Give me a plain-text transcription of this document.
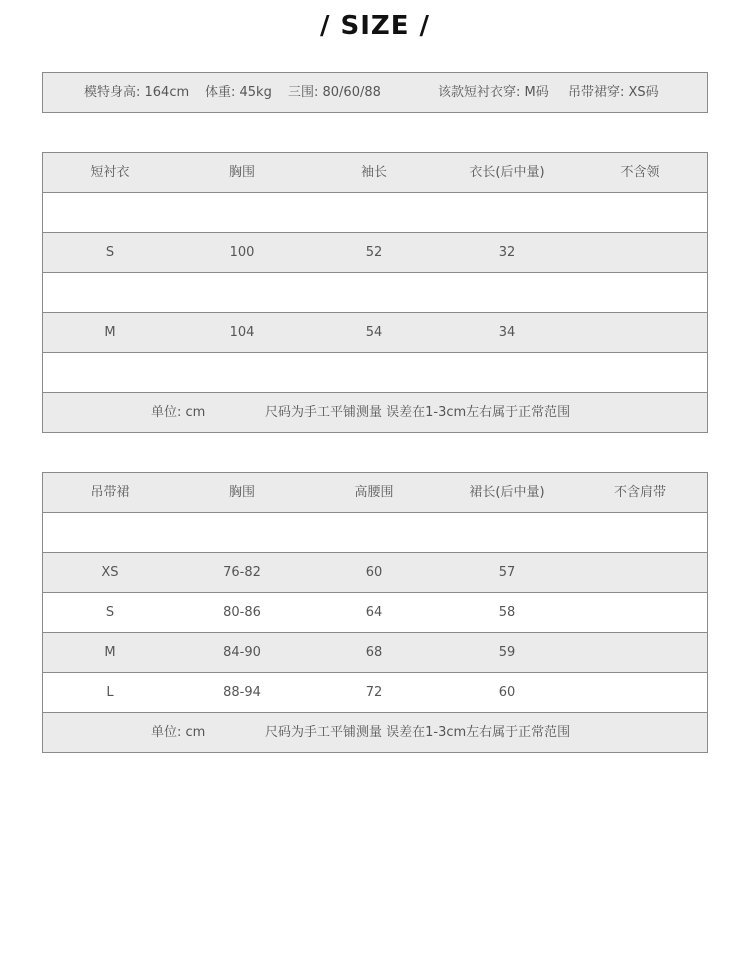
/ SIZE /
模特身高: 164cm 体重: 45kg 三围: 80/60/88	该款短衬衣穿: M码 吊带裙穿: XS码
短衬衣	胸围	袖长	衣长(后中量)	不含领
S	100	52	32
M	104	54	34
单位: cm	尺码为手工平铺测量 误差在1-3cm左右属于正常范围
吊带裙	胸围	高腰围	裙长(后中量)	不含肩带
XS	76-82	60	57
S	80-86	64	58
M	84-90	68	59
L	88-94	72	60
单位: cm	尺码为手工平铺测量 误差在1-3cm左右属于正常范围
